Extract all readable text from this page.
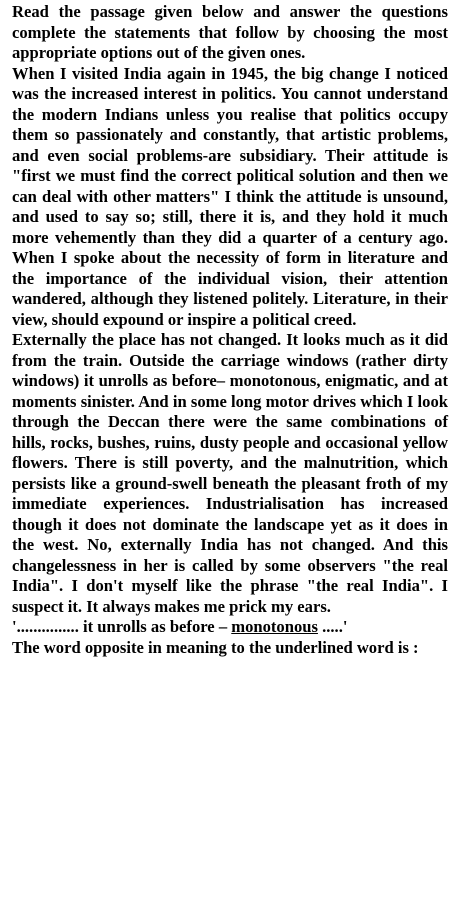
Read the passage given below and answer the questions complete the statements that follow by choosing the most appropriate options out of the given ones.

When I visited India again in 1945, the big change I noticed was the increased interest in politics. You cannot understand the modern Indians unless you realise that politics occupy them so passionately and constantly, that artistic problems, and even social problems-are subsidiary. Their attitude is "first we must find the correct political solution and then we can deal with other matters" I think the attitude is unsound, and used to say so; still, there it is, and they hold it much more vehemently than they did a quarter of a century ago. When I spoke about the necessity of form in literature and the importance of the individual vision, their attention wandered, although they listened politely. Literature, in their view, should expound or inspire a political creed.

Externally the place has not changed. It looks much as it did from the train. Outside the carriage windows (rather dirty windows) it unrolls as before– monotonous, enigmatic, and at moments sinister. And in some long motor drives which I look through the Deccan there were the same combinations of hills, rocks, bushes, ruins, dusty people and occasional yellow flowers. There is still poverty, and the malnutrition, which persists like a ground-swell beneath the pleasant froth of my immediate experiences. Industrialisation has increased though it does not dominate the landscape yet as it does in the west. No, externally India has not changed. And this changelessness in her is called by some observers "the real India". I don't myself like the phrase "the real India". I suspect it. It always makes me prick my ears.

'............... it unrolls as before – monotonous .....'

The word opposite in meaning to the underlined word is :
